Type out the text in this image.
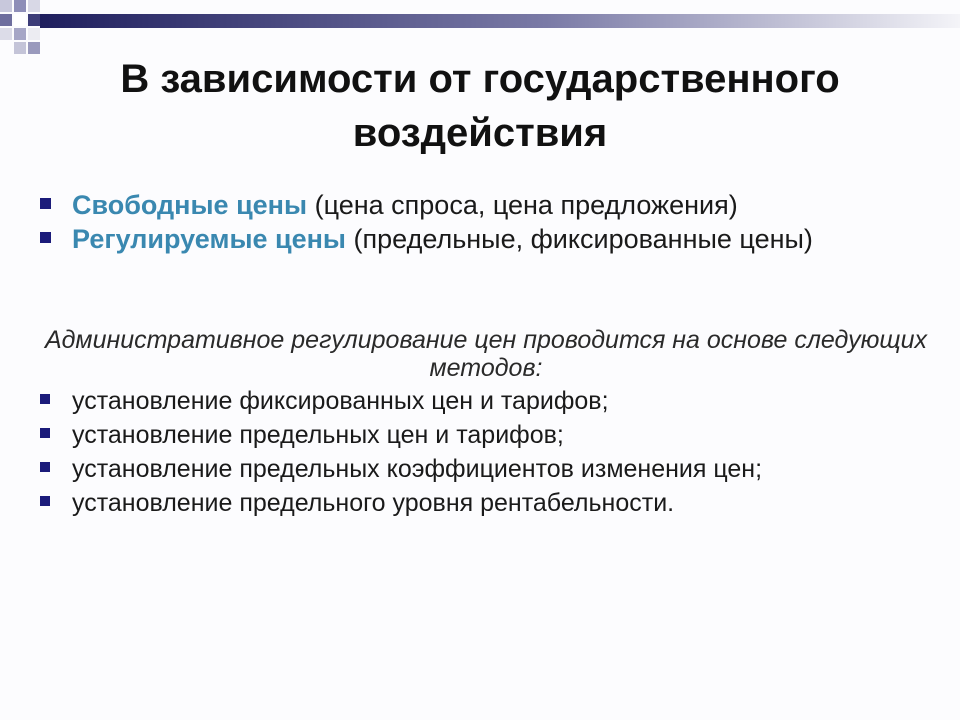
В зависимости от государственного воздействия
Свободные цены (цена спроса, цена предложения)
Регулируемые цены (предельные, фиксированные цены)
Административное регулирование цен проводится на основе следующих методов:
установление фиксированных цен и тарифов;
установление предельных цен и тарифов;
установление предельных коэффициентов изменения цен;
установление предельного уровня рентабельности.
